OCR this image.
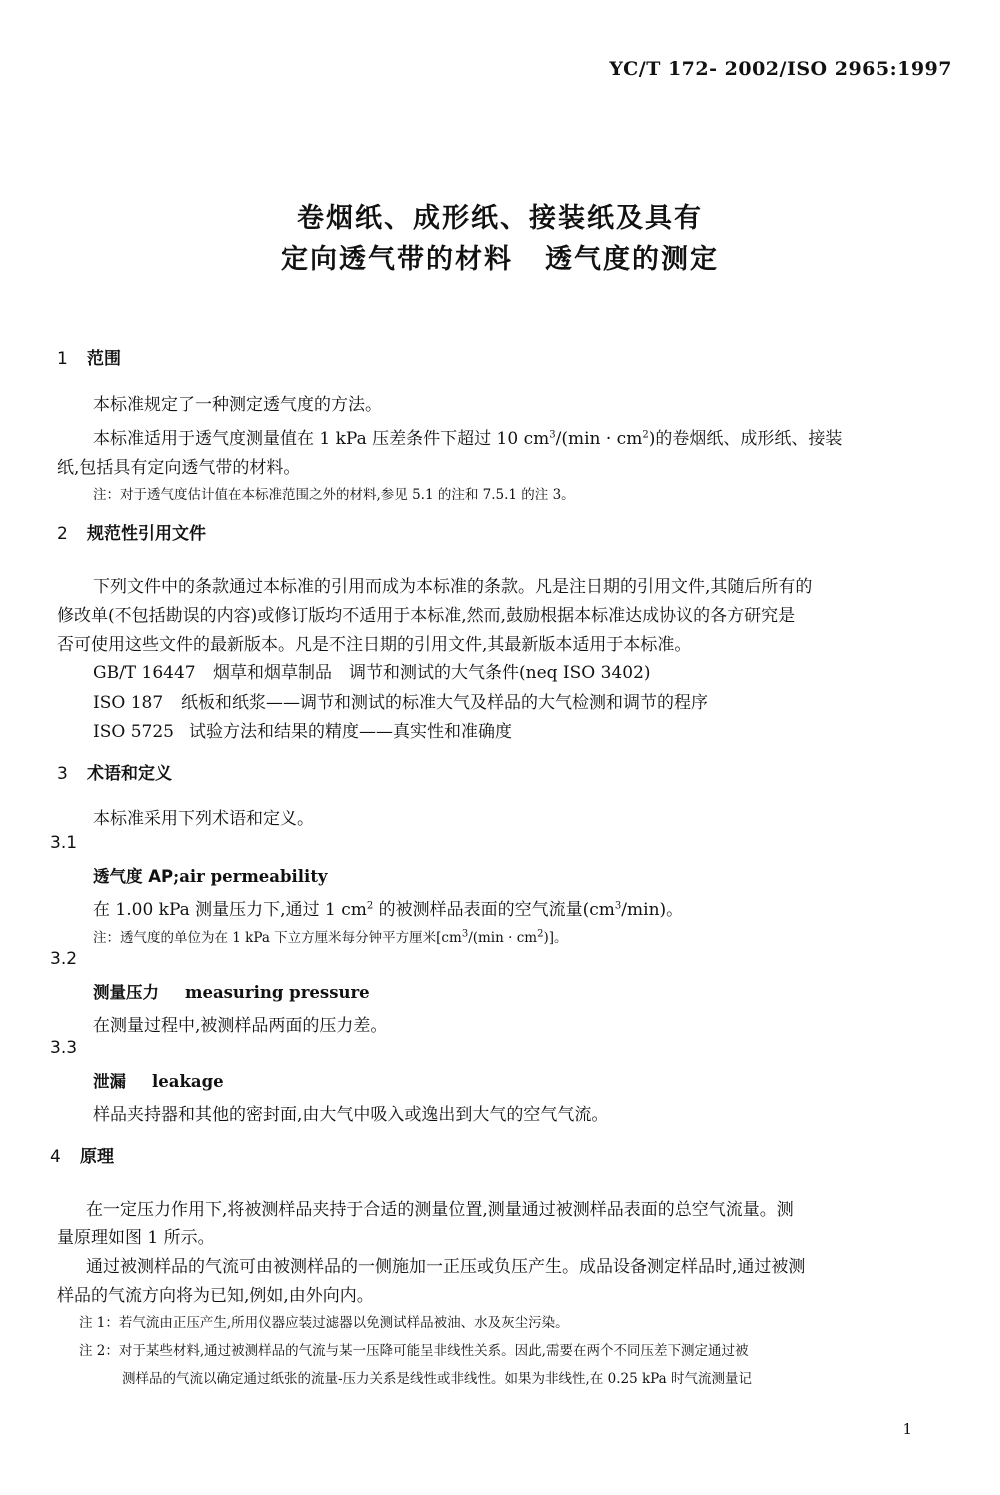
YC/T 172- 2002/ISO 2965:1997
卷烟纸、成形纸、接装纸及具有
定向透气带的材料 透气度的测定
1 范围
本标准规定了一种测定透气度的方法。
本标准适用于透气度测量值在 1 kPa 压差条件下超过 10 $cm^3/(\min \cdot cm^2)$的卷烟纸、成形纸、接装
纸,包括具有定向透气带的材料。
注：对于透气度估计值在本标准范围之外的材料,参见 5.1 的注和 7.5.1 的注 3。
2 规范性引用文件
下列文件中的条款通过本标准的引用而成为本标准的条款。凡是注日期的引用文件,其随后所有的
修改单(不包括勘误的内容)或修订版均不适用于本标准,然而,鼓励根据本标准达成协议的各方研究是
否可使用这些文件的最新版本。凡是不注日期的引用文件,其最新版本适用于本标准。
GB/T 16447 烟草和烟草制品　调节和测试的大气条件(neq ISO 3402)
ISO 187 纸板和纸浆——调节和测试的标准大气及样品的大气检测和调节的程序
ISO 5725 试验方法和结果的精度——真实性和准确度
3 术语和定义
本标准采用下列术语和定义。
3.1
透气度 AP;air permeability
在 1.00 kPa 测量压力下,通过 1 $cm^2$ 的被测样品表面的空气流量$(cm^3/\min)$。
注：透气度的单位为在 1 kPa 下立方厘米每分钟平方厘米$[cm^3/(\min \cdot cm^2)]$。
3.2
测量压力 measuring pressure
在测量过程中,被测样品两面的压力差。
3.3
泄漏 leakage
样品夹持器和其他的密封面,由大气中吸入或逸出到大气的空气气流。
4 原理
在一定压力作用下,将被测样品夹持于合适的测量位置,测量通过被测样品表面的总空气流量。测
量原理如图 1 所示。
通过被测样品的气流可由被测样品的一侧施加一正压或负压产生。成品设备测定样品时,通过被测
样品的气流方向将为已知,例如,由外向内。
注 1：若气流由正压产生,所用仪器应装过滤器以免测试样品被油、水及灰尘污染。
注 2：对于某些材料,通过被测样品的气流与某一压降可能呈非线性关系。因此,需要在两个不同压差下测定通过被
测样品的气流以确定通过纸张的流量-压力关系是线性或非线性。如果为非线性,在 0.25 kPa 时气流测量记
1
